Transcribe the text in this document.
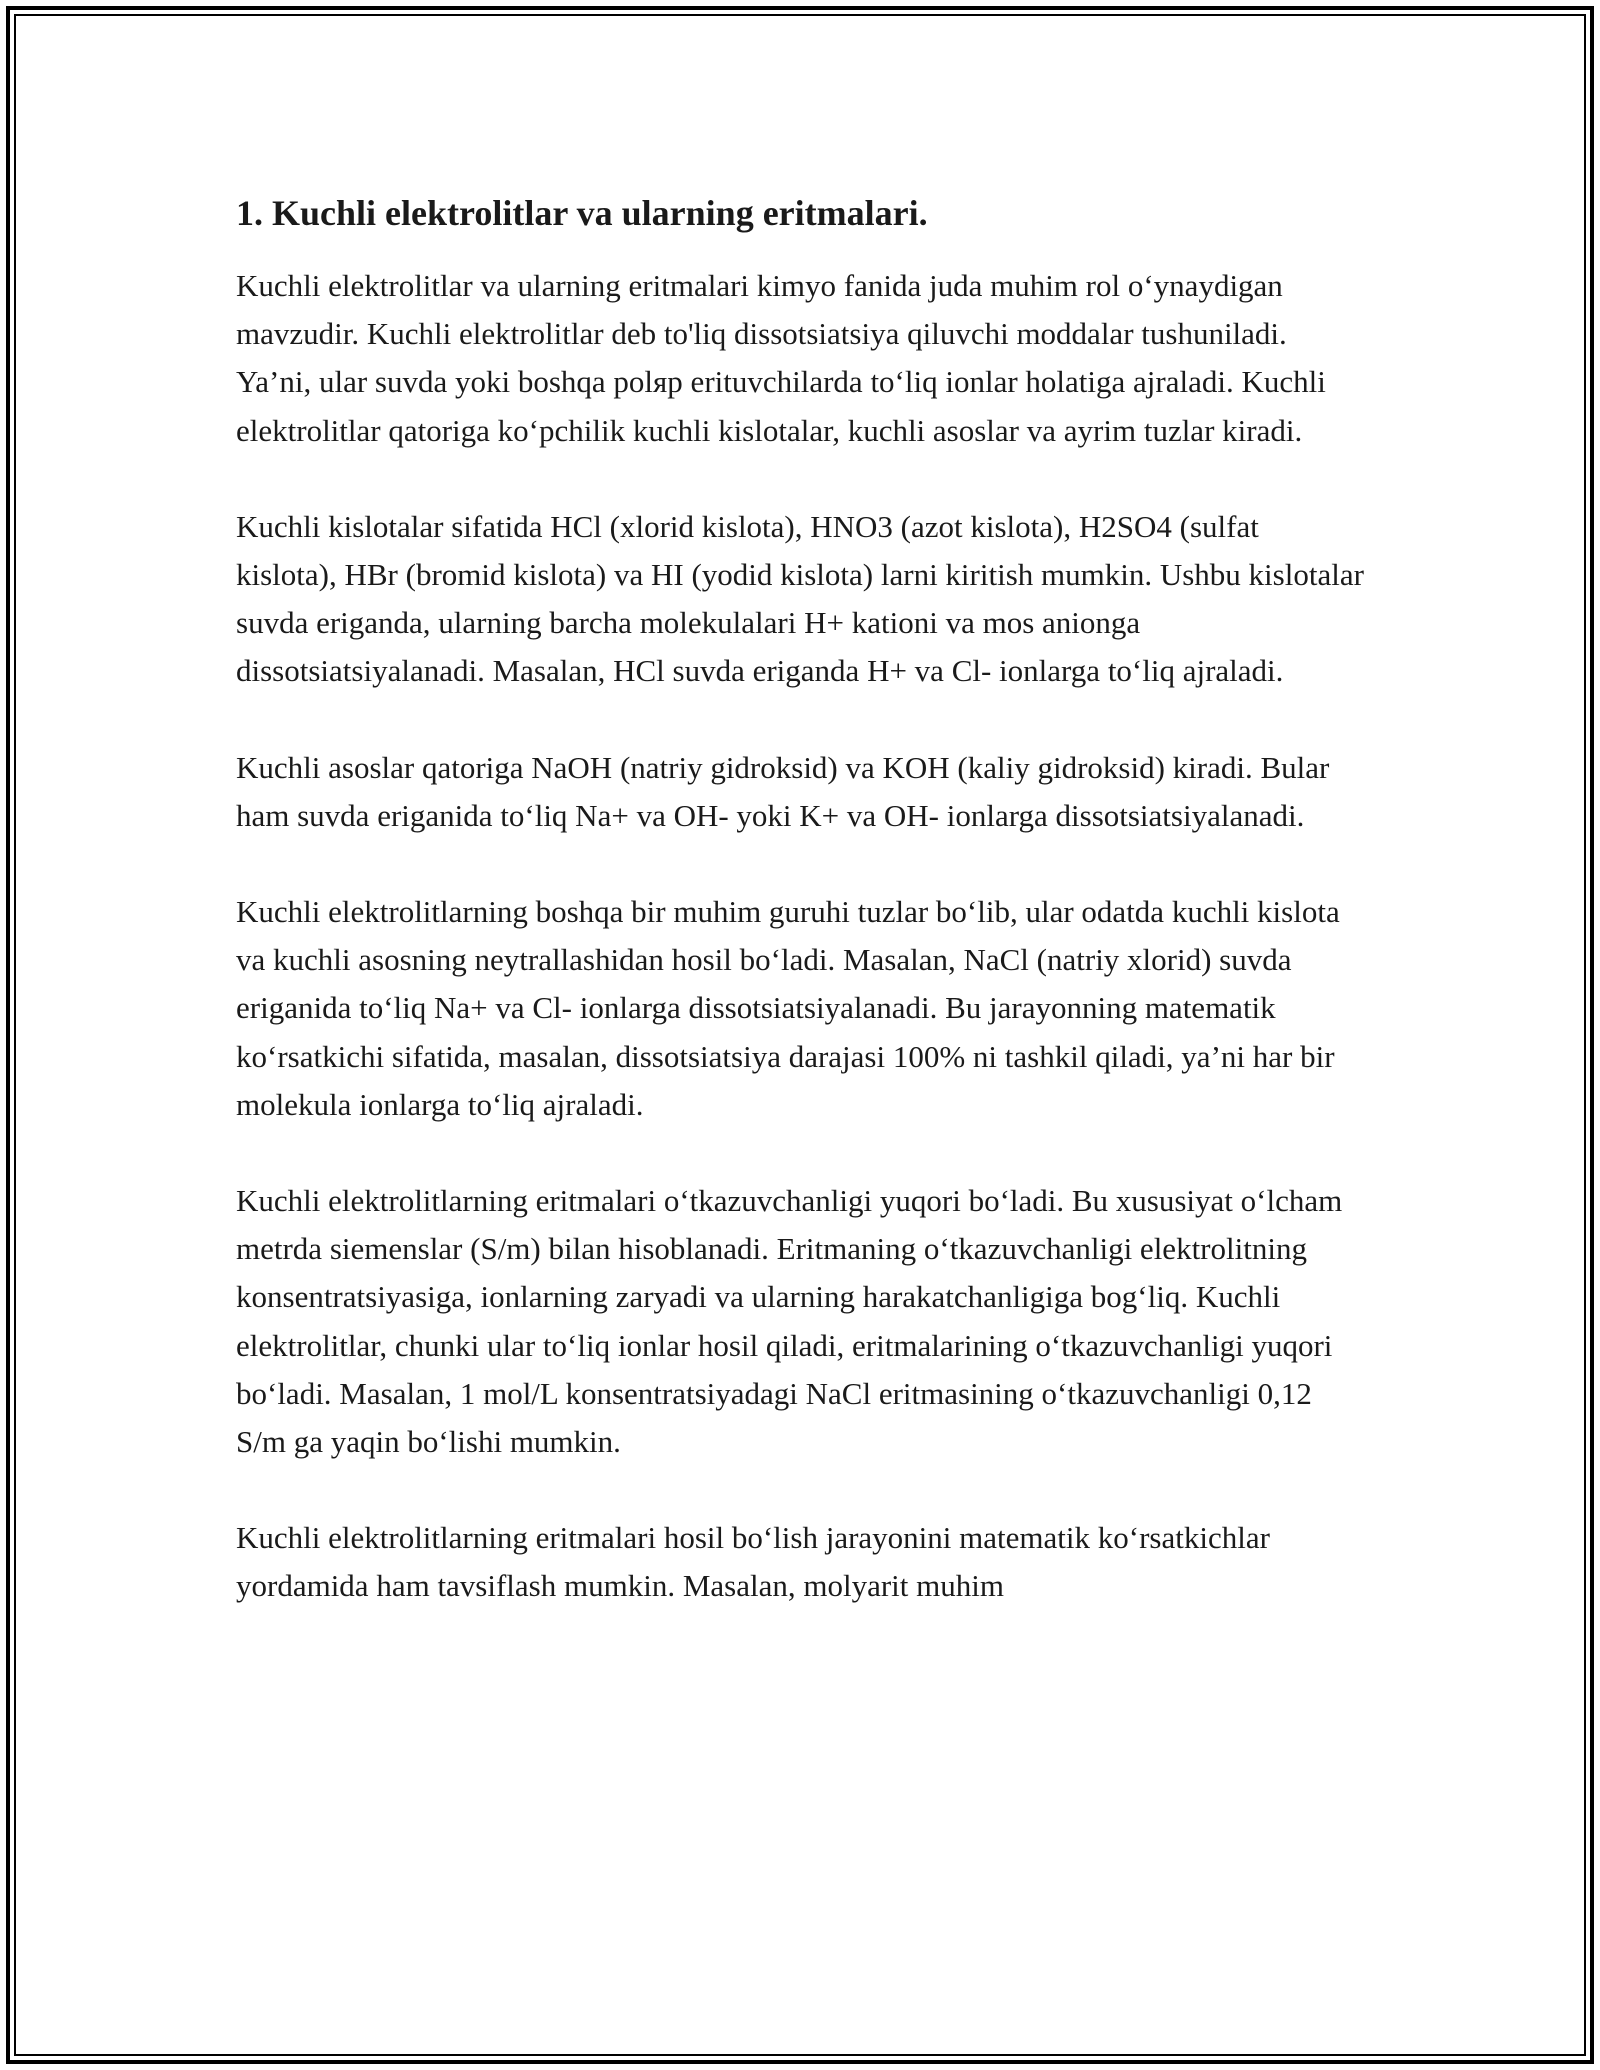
1. Kuchli elektrolitlar va ularning eritmalari.

Kuchli elektrolitlar va ularning eritmalari kimyo fanida juda muhim rol o‘ynaydigan mavzudir. Kuchli elektrolitlar deb to'liq dissotsiatsiya qiluvchi moddalar tushuniladi. Ya’ni, ular suvda yoki boshqa polяр erituvchilarda to‘liq ionlar holatiga ajraladi. Kuchli elektrolitlar qatoriga ko‘pchilik kuchli kislotalar, kuchli asoslar va ayrim tuzlar kiradi.

Kuchli kislotalar sifatida HCl (xlorid kislota), HNO3 (azot kislota), H2SO4 (sulfat kislota), HBr (bromid kislota) va HI (yodid kislota) larni kiritish mumkin. Ushbu kislotalar suvda eriganda, ularning barcha molekulalari H+ kationi va mos anionga dissotsiatsiyalanadi. Masalan, HCl suvda eriganda H+ va Cl- ionlarga to‘liq ajraladi.

Kuchli asoslar qatoriga NaOH (natriy gidroksid) va KOH (kaliy gidroksid) kiradi. Bular ham suvda eriganida to‘liq Na+ va OH- yoki K+ va OH- ionlarga dissotsiatsiyalanadi.

Kuchli elektrolitlarning boshqa bir muhim guruhi tuzlar bo‘lib, ular odatda kuchli kislota va kuchli asosning neytrallashidan hosil bo‘ladi. Masalan, NaCl (natriy xlorid) suvda eriganida to‘liq Na+ va Cl- ionlarga dissotsiatsiyalanadi. Bu jarayonning matematik ko‘rsatkichi sifatida, masalan, dissotsiatsiya darajasi 100% ni tashkil qiladi, ya’ni har bir molekula ionlarga to‘liq ajraladi.

Kuchli elektrolitlarning eritmalari o‘tkazuvchanligi yuqori bo‘ladi. Bu xususiyat o‘lcham metrda siemenslar (S/m) bilan hisoblanadi. Eritmaning o‘tkazuvchanligi elektrolitning konsentratsiyasiga, ionlarning zaryadi va ularning harakatchanligiga bog‘liq. Kuchli elektrolitlar, chunki ular to‘liq ionlar hosil qiladi, eritmalarining o‘tkazuvchanligi yuqori bo‘ladi. Masalan, 1 mol/L konsentratsiyadagi NaCl eritmasining o‘tkazuvchanligi 0,12 S/m ga yaqin bo‘lishi mumkin.

Kuchli elektrolitlarning eritmalari hosil bo‘lish jarayonini matematik ko‘rsatkichlar yordamida ham tavsiflash mumkin. Masalan, molyarit muhim
